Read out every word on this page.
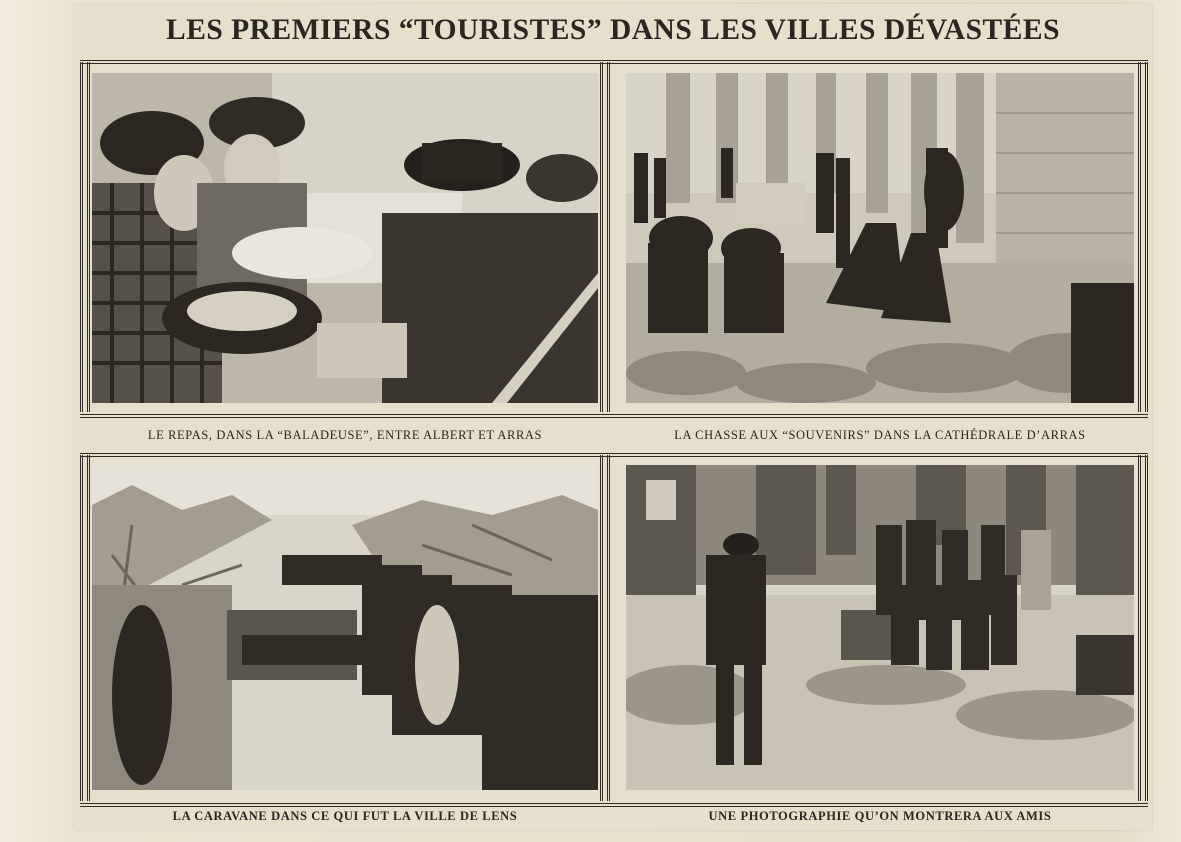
LES PREMIERS “TOURISTES” DANS LES VILLES DÉVASTÉES
LE REPAS, DANS LA “BALADEUSE”, ENTRE ALBERT ET ARRAS	LA CHASSE AUX “SOUVENIRS” DANS LA CATHÉDRALE D’ARRAS
LA CARAVANE DANS CE QUI FUT LA VILLE DE LENS	UNE PHOTOGRAPHIE QU’ON MONTRERA AUX AMIS
